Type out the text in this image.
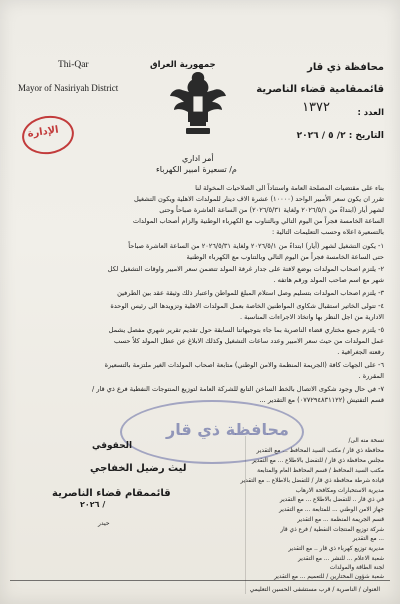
محافظة ذي قار
قائممقامية قضاء الناصرية
العدد :
١٣٧٢
التاريخ : ٢/ ٥ / ٢٠٢٦
جمهورية العراق
Thi-Qar
Mayor of Nasiriyah District
الإدارة
أمر اداري
م/ تسعيرة امبير الكهرباء
بناء على مقتضيات المصلحة العامة واستناداً الى الصلاحيات المخولة لنا
تقرر ان يكون سعر الأمبير الواحد (١٠٠٠٠) عشرة الاف دينار للمولدات الاهلية ويكون التشغيل
لشهر أيار (ابتداءً من ٢٠٢٦/٥/١ ولغاية ٢٠٢٦/٥/٣١) من الساعة العاشرة صباحاً وحتى
الساعة الخامسة فجراً من اليوم التالي وبالتناوب مع الكهرباء الوطنية والزام أصحاب المولدات
بالتسعيرة اعلاه وحسب التعليمات التالية :
١- يكون التشغيل لشهر (أيار) ابتداءً من ٢٠٢٦/٥/١ ولغاية ٢٠٢٦/٥/٣١ من الساعة العاشرة صباحاً
حتى الساعة الخامسة فجراً من اليوم التالي وبالتناوب مع الكهرباء الوطنية
٢- يلتزم اصحاب المولدات بوضع لافتة على جدار غرفة المولد تتضمن سعر الامبير واوقات التشغيل لكل
شهر مع اسم صاحب المولد ورقم هاتفه .
٣- يلتزم اصحاب المولدات بتسليم وصل استلام المبلغ للمواطن واعتبار ذلك وثيقة عقد بين الطرفين
٤- تتولى الخاتير استقبال شكاوى المواطنين الخاصة بعمل المولدات الاهلية وتزويدها الى رئيس الوحدة
الادارية من اجل النظر بها واتخاذ الاجراءات المناسبة .
٥- يلتزم جميع مختاري قضاء الناصرية بما جاء بتوجيهاتنا السابقة حول تقديم تقرير شهري مفصل يشمل
عمل المولدات من حيث سعر الامبير وعدد ساعات التشغيل وكذلك الابلاغ عن عطل المولد كلاً حسب
رقعته الجغرافية .
٦- على الجهات كافة (الجريمة المنظمة والامن الوطني) متابعة اصحاب المولدات الغير ملتزمة بالتسعيرة
المقررة .
٧- في حال وجود شكوى الاتصال بالخط الساخن التابع للشركة العامة لتوزيع المنتوجات النفطية فرع ذي قار /
قسم التفتيش (٠٧٧٢٩٤٨٣١١٢٢) مع التقدير ...
محافظة ذي قار
الحقوقي
ليث رضيل الخفاجي
قائممقام قضاء الناصرية
٢٠٢٦ /
نسخة منه الى/
محافظة ذي قار / مكتب السيد المحافظ ... مع التقدير
مجلس محافظة ذي قار / للتفضل بالاطلاع ... مع التقدير
مكتب السيد المحافظ / قسم المحافظ العام والمتابعة
قيادة شرطة محافظة ذي قار / للتفضل بالاطلاع .. مع التقدير
مديرية الاستخبارات ومكافحة الارهاب
في ذي قار .. للتفضل بالاطلاع ... مع التقدير
جهاز الامن الوطني ... للمتابعة ... مع التقدير
قسم الجريمة المنظمة ... مع التقدير
شركة توزيع المنتجات النفطية / فرع ذي قار
... مع التقدير
مديرية توزيع كهرباء ذي قار .. مع التقدير
شعبة الاعلام ... للنشر ... مع التقدير
لجنة الطاقة والمولدات
شعبة شؤون المختارين / للتعميم ... مع التقدير
حيدر
العنوان / الناصرية / قرب مستشفى الحسين التعليمي
